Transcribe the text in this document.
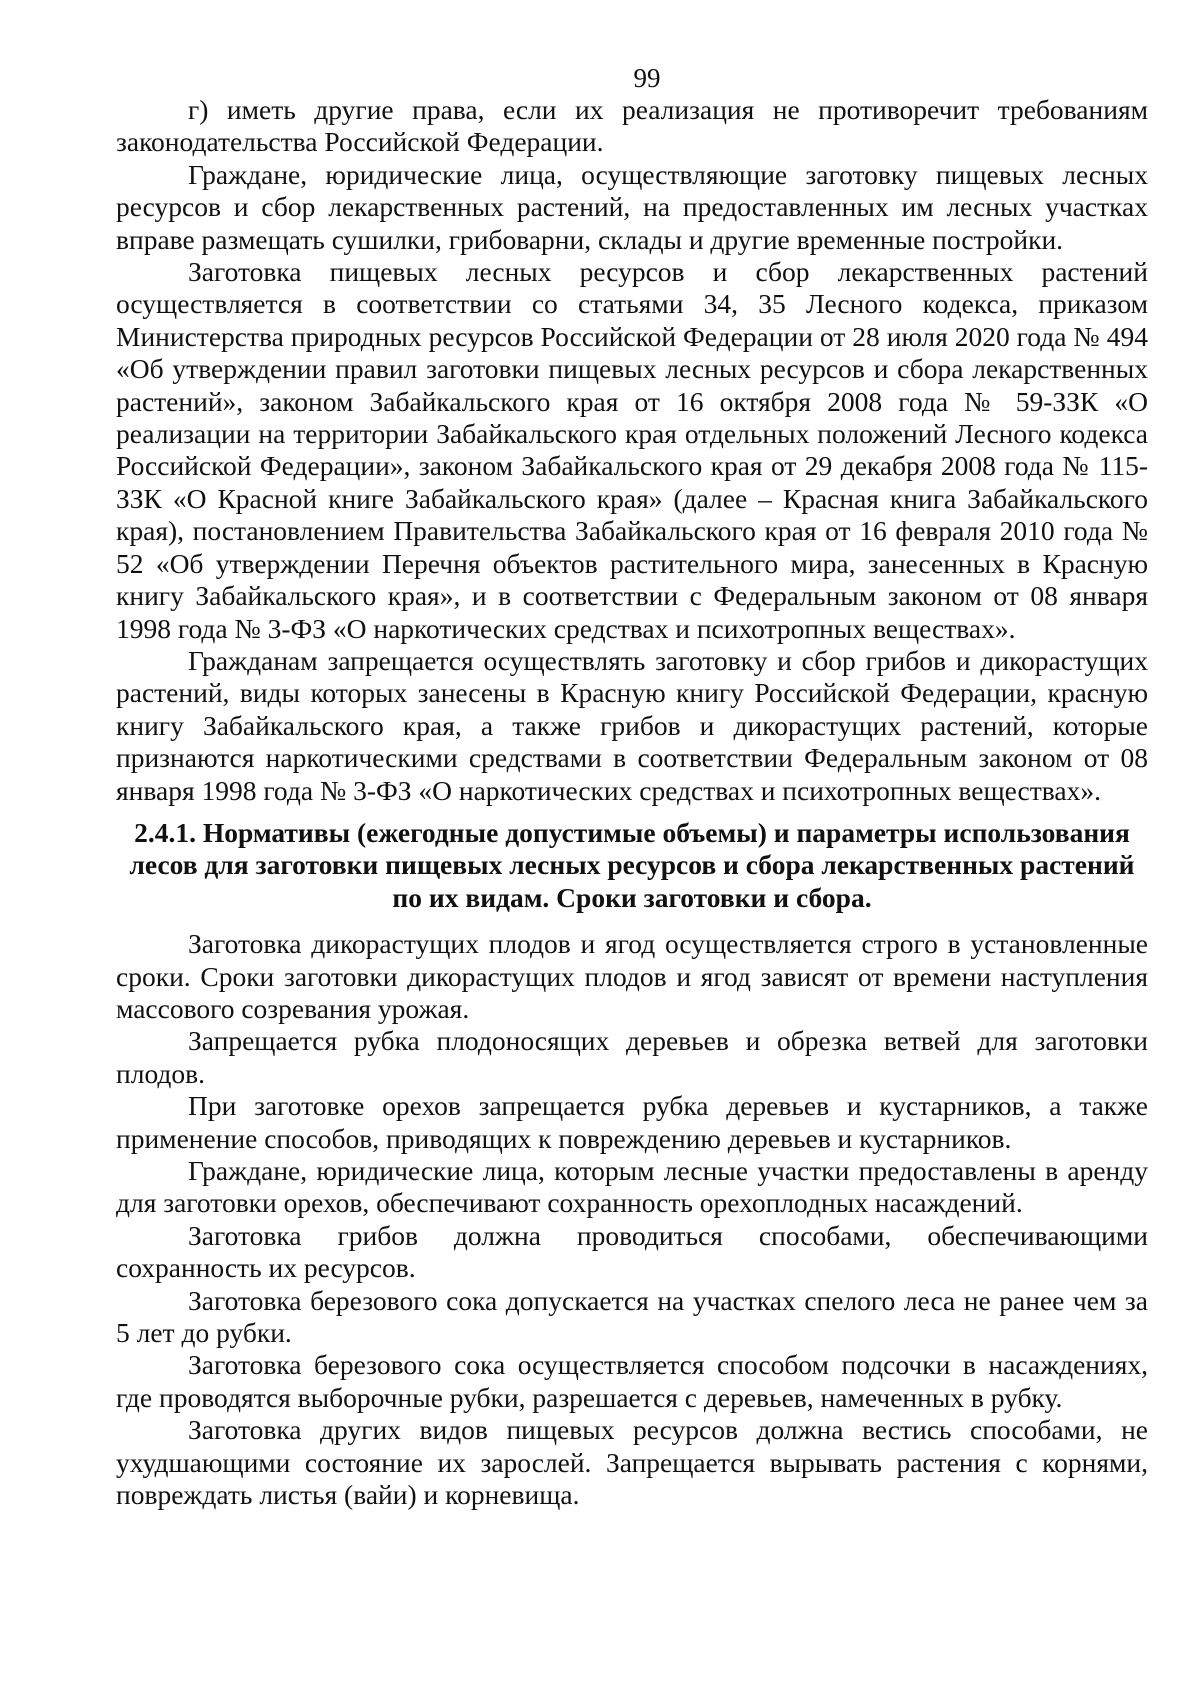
99

г) иметь другие права, если их реализация не противоречит требованиям законодательства Российской Федерации.

Граждане, юридические лица, осуществляющие заготовку пищевых лесных ресурсов и сбор лекарственных растений, на предоставленных им лесных участках вправе размещать сушилки, грибоварни, склады и другие временные постройки.

Заготовка пищевых лесных ресурсов и сбор лекарственных растений осуществляется в соответствии со статьями 34, 35 Лесного кодекса, приказом Министерства природных ресурсов Российской Федерации от 28 июля 2020 года № 494 «Об утверждении правил заготовки пищевых лесных ресурсов и сбора лекарственных растений», законом Забайкальского края от 16 октября 2008 года № 59-ЗЗК «О реализации на территории Забайкальского края отдельных положений Лесного кодекса Российской Федерации», законом Забайкальского края от 29 декабря 2008 года № 115-ЗЗК «О Красной книге Забайкальского края» (далее – Красная книга Забайкальского края), постановлением Правительства Забайкальского края от 16 февраля 2010 года № 52 «Об утверждении Перечня объектов растительного мира, занесенных в Красную книгу Забайкальского края», и в соответствии с Федеральным законом от 08 января 1998 года № 3-ФЗ «О наркотических средствах и психотропных веществах».

Гражданам запрещается осуществлять заготовку и сбор грибов и дикорастущих растений, виды которых занесены в Красную книгу Российской Федерации, красную книгу Забайкальского края, а также грибов и дикорастущих растений, которые признаются наркотическими средствами в соответствии Федеральным законом от 08 января 1998 года № 3-ФЗ «О наркотических средствах и психотропных веществах».

2.4.1. Нормативы (ежегодные допустимые объемы) и параметры использования лесов для заготовки пищевых лесных ресурсов и сбора лекарственных растений по их видам. Сроки заготовки и сбора.

Заготовка дикорастущих плодов и ягод осуществляется строго в установленные сроки. Сроки заготовки дикорастущих плодов и ягод зависят от времени наступления массового созревания урожая.

Запрещается рубка плодоносящих деревьев и обрезка ветвей для заготовки плодов.

При заготовке орехов запрещается рубка деревьев и кустарников, а также применение способов, приводящих к повреждению деревьев и кустарников.

Граждане, юридические лица, которым лесные участки предоставлены в аренду для заготовки орехов, обеспечивают сохранность орехоплодных насаждений.

Заготовка грибов должна проводиться способами, обеспечивающими сохранность их ресурсов.

Заготовка березового сока допускается на участках спелого леса не ранее чем за 5 лет до рубки.

Заготовка березового сока осуществляется способом подсочки в насаждениях, где проводятся выборочные рубки, разрешается с деревьев, намеченных в рубку.

Заготовка других видов пищевых ресурсов должна вестись способами, не ухудшающими состояние их зарослей. Запрещается вырывать растения с корнями, повреждать листья (вайи) и корневища.
